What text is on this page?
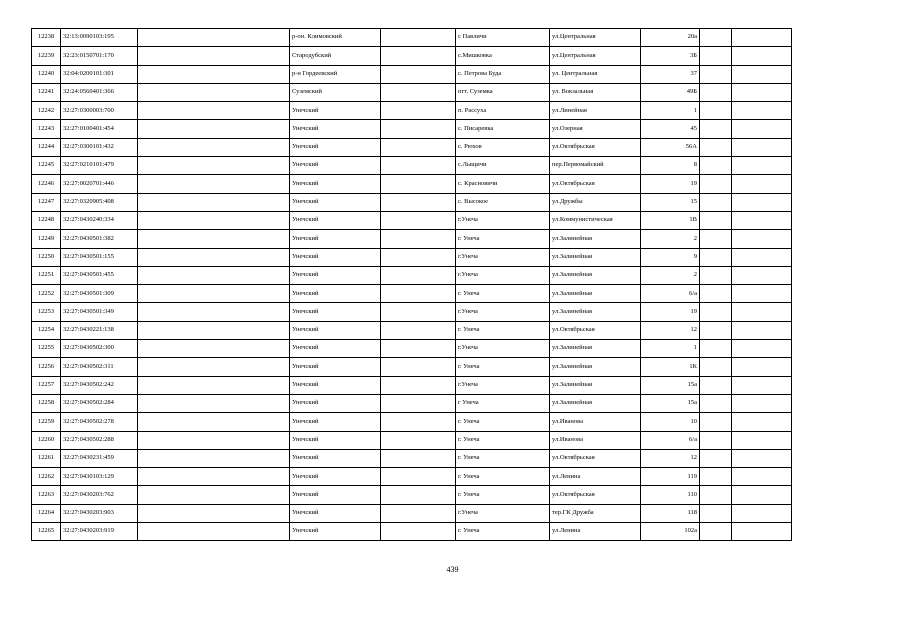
12238	32:13:0090103:195		р-он. Климовский		с Павличи	ул.Центральная	20а		
12239	32:23:0150701:170		Стародубский		с.Мишковка	ул.Центральная	3Б		
12240	32:04:0200101:301		р-н Гордеевский		с. Петрова Буда	ул. Центральная	37		
12241	32:24:0560401:366		Суземский		пгт. Суземка	ул. Вокзальная	49Б		
12242	32:27:0300003:700		Унечский		п. Рассуха	ул.Линейная	1		
12243	32:27:0100401:454		Унечский		с. Писаревка	ул.Озерная	45		
12244	32:27:0300101:432		Унечский		с. Рюхов	ул.Октябрьская	56А		
12245	32:27:0210101:479		Унечский		с.Лыщичи	пер.Первомайский	8		
12246	32:27:0020701:446		Унечский		с. Красновичи	ул.Октябрьская	19		
12247	32:27:0320905:408		Унечский		с. Высокое	ул.Дружбы	15		
12248	32:27:0430240:334		Унечский		г.Унеча	ул.Коммунистическая	1В		
12249	32:27:0430501:382		Унечский		г. Унеча	ул.Залинейная	2		
12250	32:27:0430501:155		Унечский		г.Унеча	ул.Залинейная	9		
12251	32:27:0430501:455		Унечский		г.Унеча	ул.Залинейная	2		
12252	32:27:0430501:309		Унечский		г. Унеча	ул.Залинейная	6/а		
12253	32:27:0430501:349		Унечский		г.Унеча	ул.Залинейная	19		
12254	32:27:0430221:138		Унечский		г. Унеча	ул.Октябрьская	12		
12255	32:27:0430502:300		Унечский		г.Унеча	ул.Залинейная	1		
12256	32:27:0430502:311		Унечский		г. Унеча	ул.Залинейная	1К		
12257	32:27:0430502:242		Унечский		г.Унеча	ул.Залинейная	15а		
12258	32:27:0430502:284		Унечский		г Унеча	ул.Залинейная	15а		
12259	32:27:0430502:278		Унечский		г. Унеча	ул.Иванова	10		
12260	32:27:0430502:288		Унечский		г. Унеча	ул.Иванова	6/а		
12261	32:27:0430231:459		Унечский		г. Унеча	ул.Октябрьская	12		
12262	32:27:0430103:129		Унечский		г. Унеча	ул.Ленина	119		
12263	32:27:0430203:762		Унечский		г. Унеча	ул.Октябрьская	110		
12264	32:27:0430203:903		Унечский		г.Унеча	тер.ГК Дружба	118		
12265	32:27:0430203:919		Унечский		г. Унеча	ул.Ленина	102а		
439
